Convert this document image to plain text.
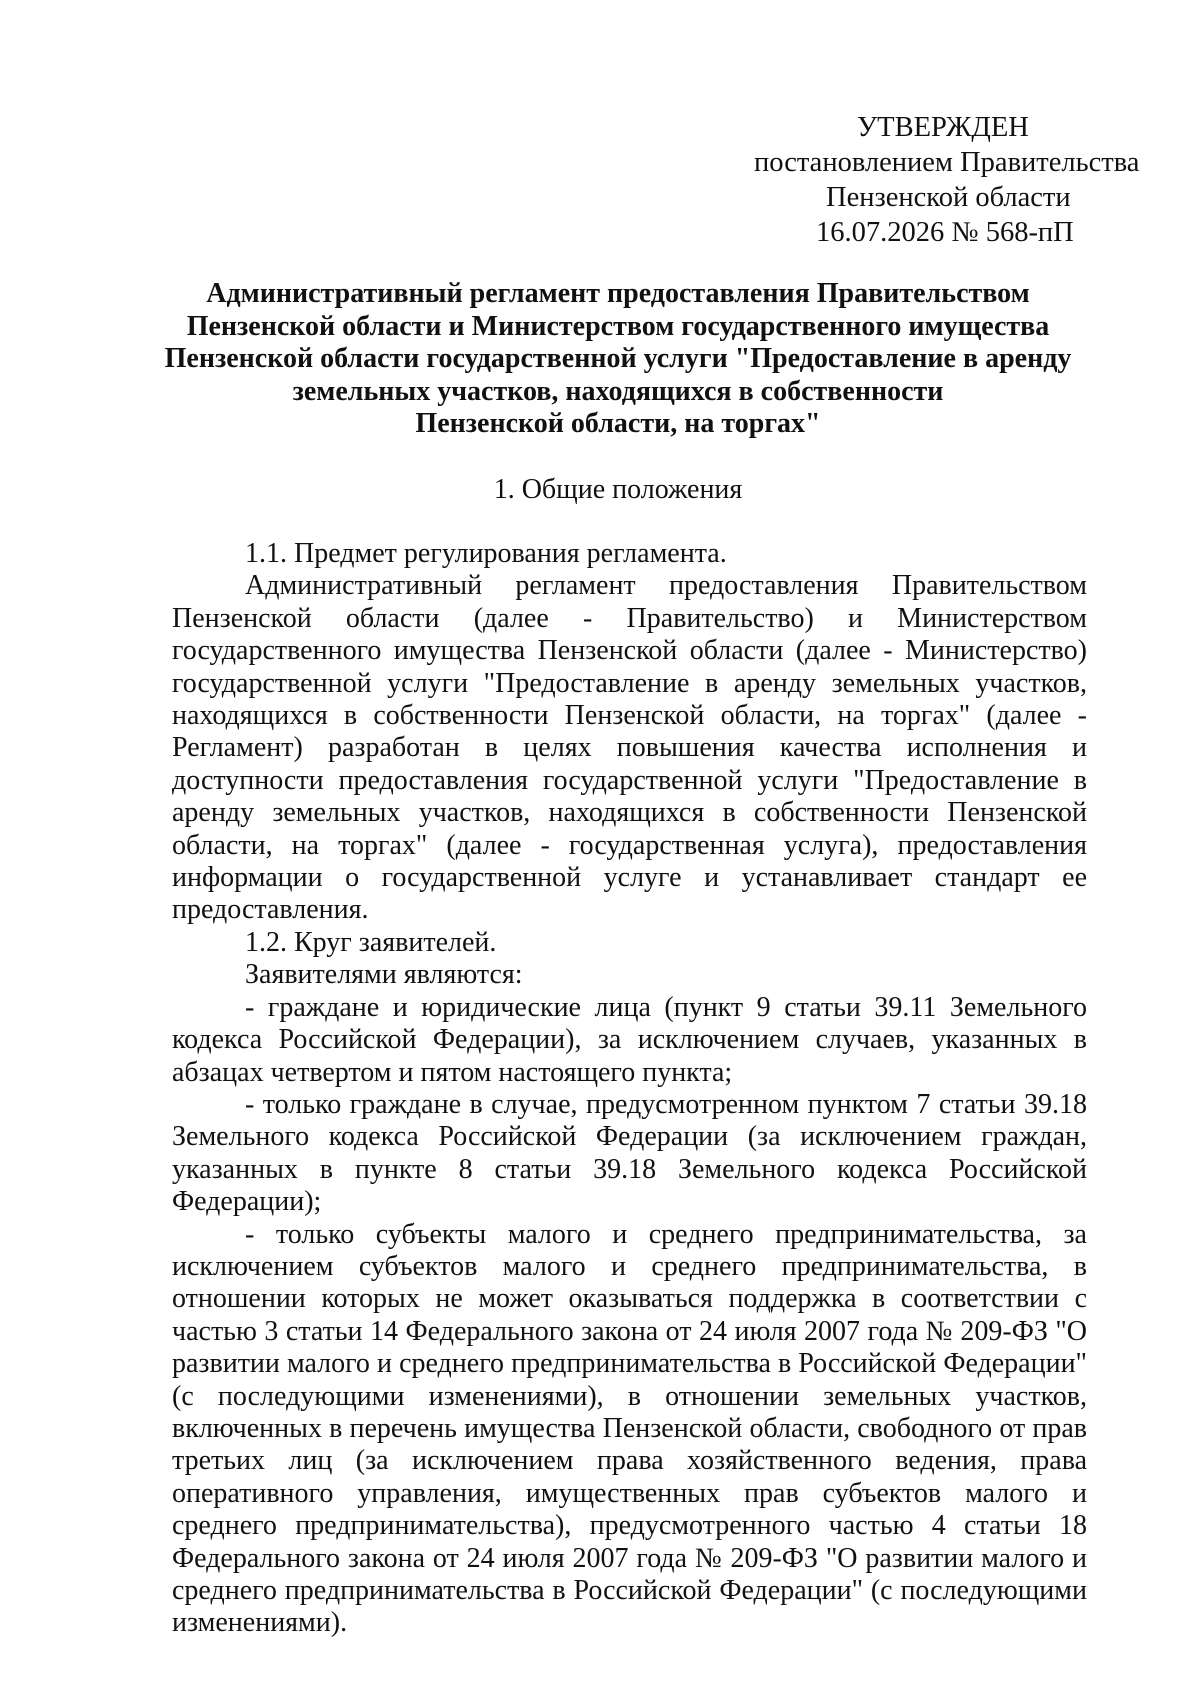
УТВЕРЖДЕН
постановлением Правительства
Пензенской области
16.07.2026 № 568-пП
Административный регламент предоставления Правительством
Пензенской области и Министерством государственного имущества
Пензенской области государственной услуги "Предоставление в аренду
земельных участков, находящихся в собственности
Пензенской области, на торгах"
1. Общие положения

1.1. Предмет регулирования регламента.

Административный регламент предоставления Правительством Пензенской области (далее - Правительство) и Министерством государственного имущества Пензенской области (далее - Министерство) государственной услуги "Предоставление в аренду земельных участков, находящихся в собственности Пензенской области, на торгах" (далее - Регламент) разработан в целях повышения качества исполнения и доступности предоставления государственной услуги "Предоставление в аренду земельных участков, находящихся в собственности Пензенской области, на торгах" (далее - государственная услуга), предоставления информации о государственной услуге и устанавливает стандарт ее предоставления.

1.2. Круг заявителей.

Заявителями являются:

- граждане и юридические лица (пункт 9 статьи 39.11 Земельного кодекса Российской Федерации), за исключением случаев, указанных в абзацах четвертом и пятом настоящего пункта;

- только граждане в случае, предусмотренном пунктом 7 статьи 39.18 Земельного кодекса Российской Федерации (за исключением граждан, указанных в пункте 8 статьи 39.18 Земельного кодекса Российской Федерации);

- только субъекты малого и среднего предпринимательства, за исключением субъектов малого и среднего предпринимательства, в отношении которых не может оказываться поддержка в соответствии с частью 3 статьи 14 Федерального закона от 24 июля 2007 года № 209-ФЗ "О развитии малого и среднего предпринимательства в Российской Федерации" (с последующими изменениями), в отношении земельных участков, включенных в перечень имущества Пензенской области, свободного от прав третьих лиц (за исключением права хозяйственного ведения, права оперативного управления, имущественных прав субъектов малого и среднего предпринимательства), предусмотренного частью 4 статьи 18 Федерального закона от 24 июля 2007 года № 209-ФЗ "О развитии малого и среднего предпринимательства в Российской Федерации" (с последующими изменениями).
